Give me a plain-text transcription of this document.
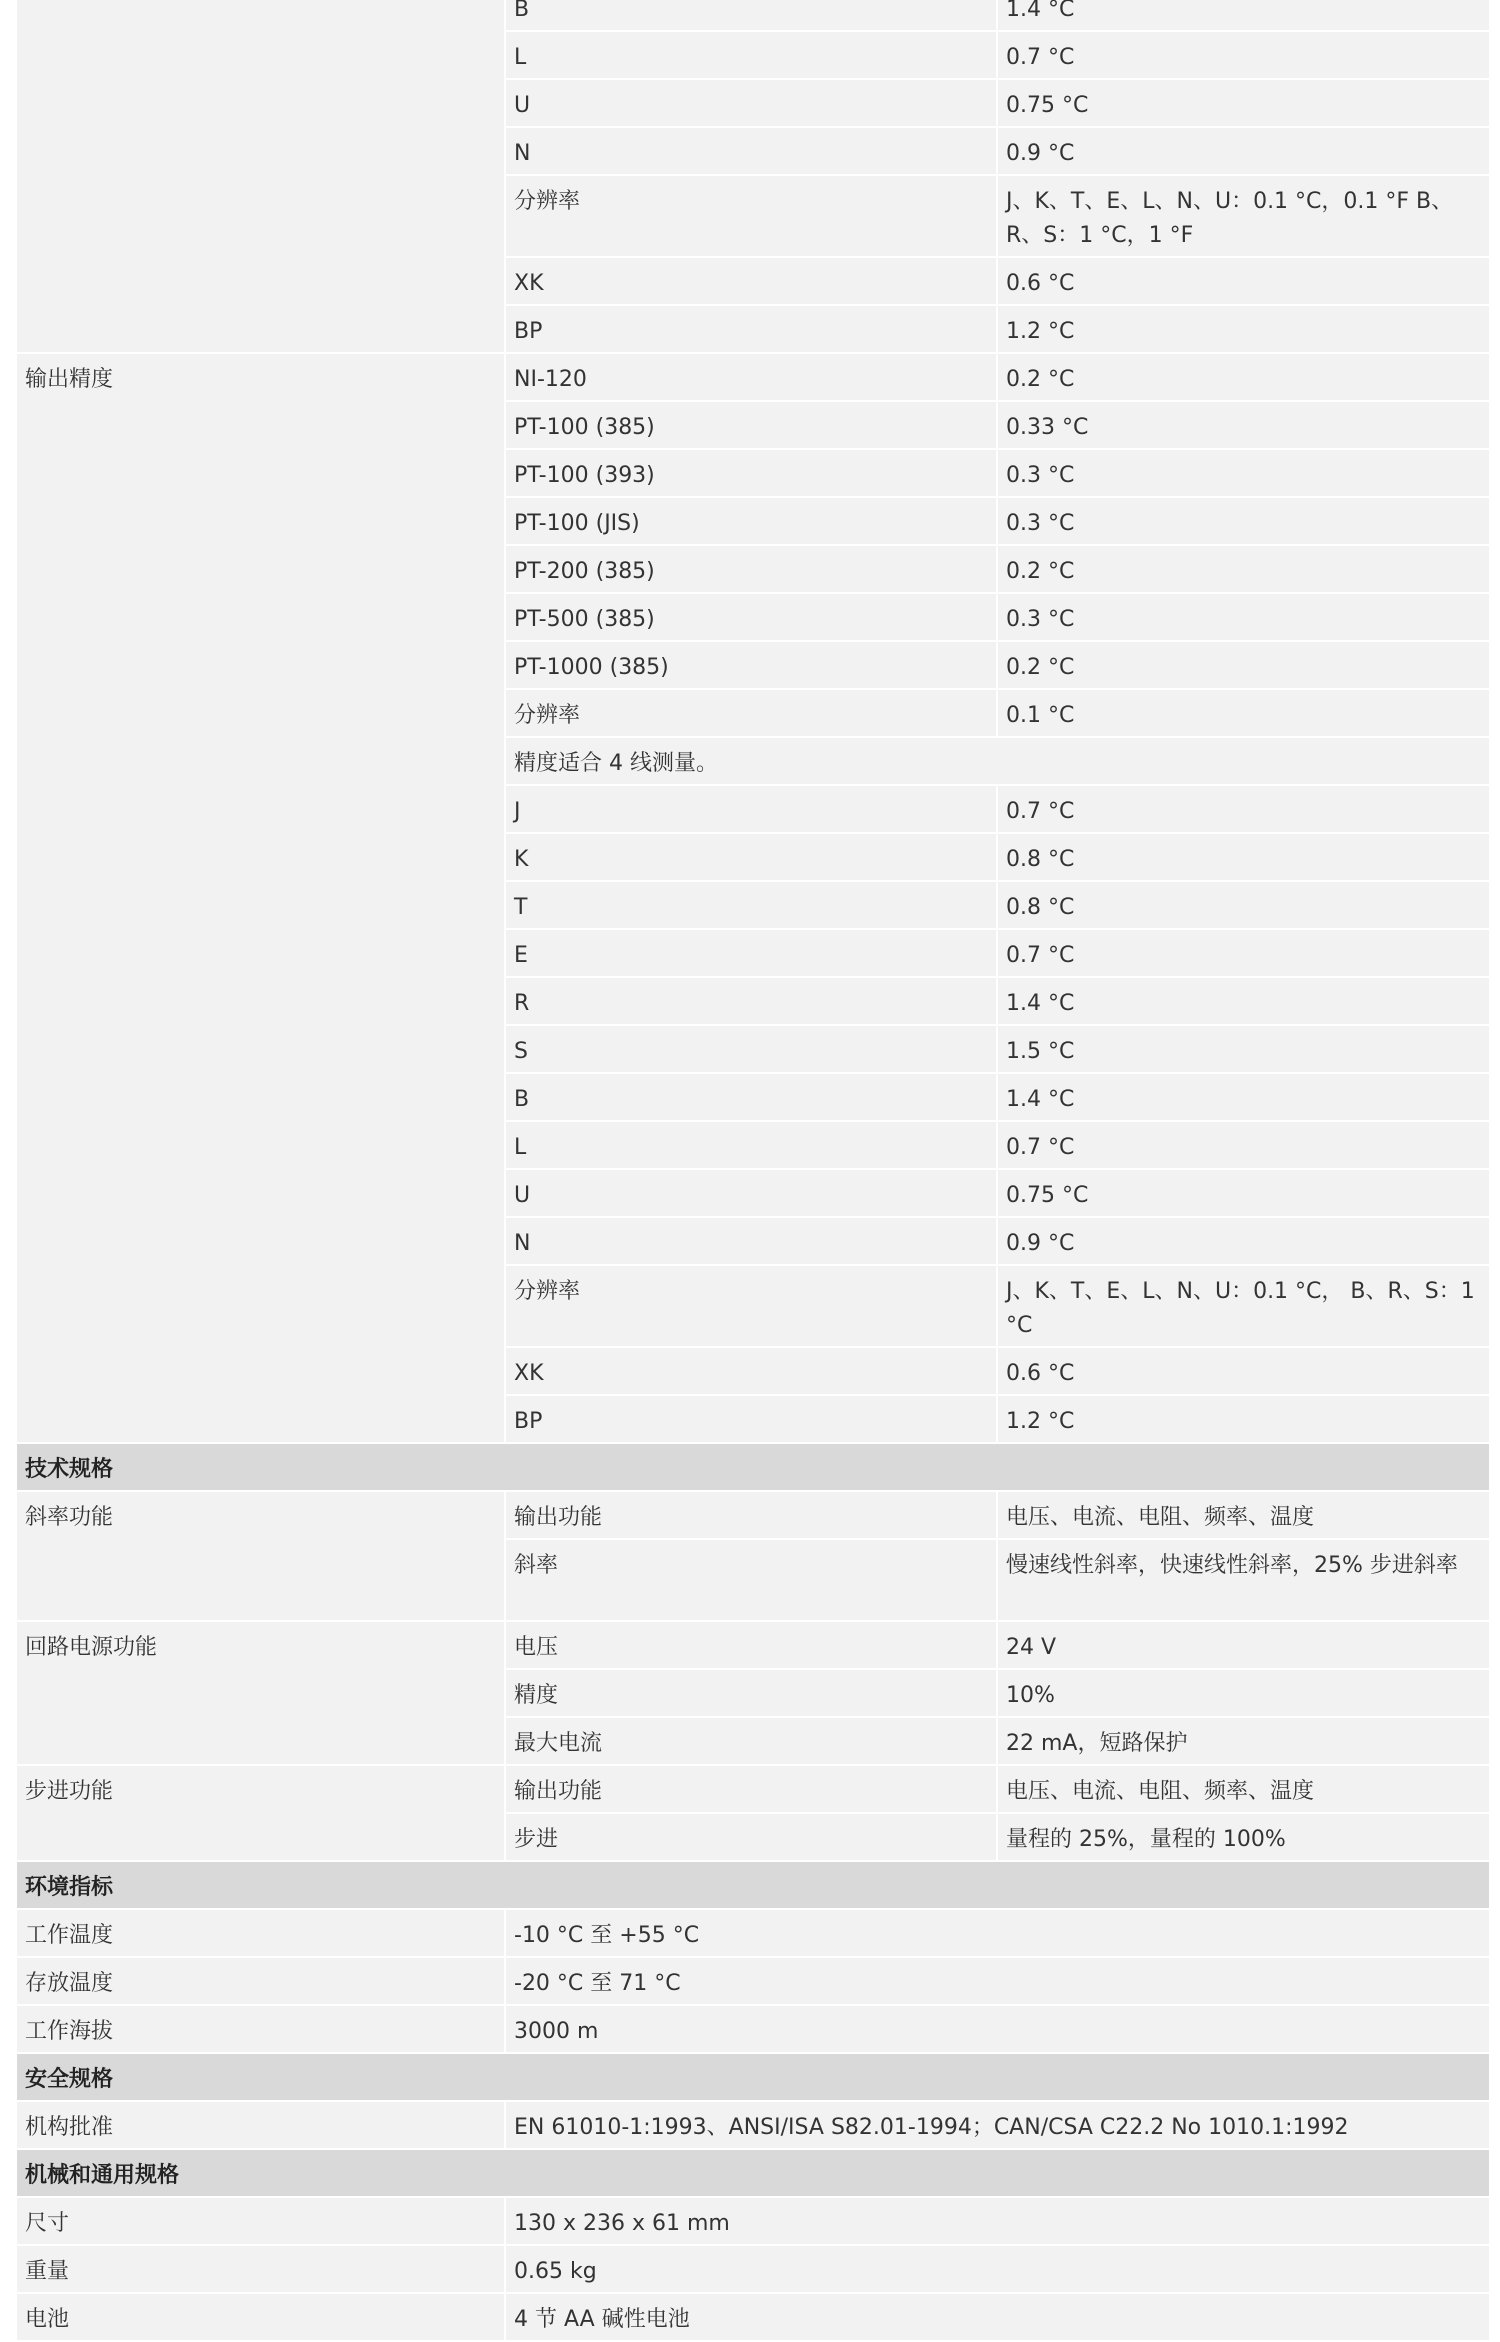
	B	1.4 °C
	L	0.7 °C
	U	0.75 °C
	N	0.9 °C
	分辨率	J、K、T、E、L、N、U：0.1 °C，0.1 °F B、R、S：1 °C，1 °F
	XK	0.6 °C
	BP	1.2 °C
输出精度	NI-120	0.2 °C
	PT-100 (385)	0.33 °C
	PT-100 (393)	0.3 °C
	PT-100 (JIS)	0.3 °C
	PT-200 (385)	0.2 °C
	PT-500 (385)	0.3 °C
	PT-1000 (385)	0.2 °C
	分辨率	0.1 °C
	精度适合 4 线测量。	
	J	0.7 °C
	K	0.8 °C
	T	0.8 °C
	E	0.7 °C
	R	1.4 °C
	S	1.5 °C
	B	1.4 °C
	L	0.7 °C
	U	0.75 °C
	N	0.9 °C
	分辨率	J、K、T、E、L、N、U：0.1 °C， B、R、S：1 °C
	XK	0.6 °C
	BP	1.2 °C
技术规格		
斜率功能	输出功能	电压、电流、电阻、频率、温度
	斜率	慢速线性斜率，快速线性斜率，25% 步进斜率
回路电源功能	电压	24 V
	精度	10%
	最大电流	22 mA，短路保护
步进功能	输出功能	电压、电流、电阻、频率、温度
	步进	量程的 25%，量程的 100%
环境指标		
工作温度	-10 °C 至 +55 °C	
存放温度	-20 °C 至 71 °C	
工作海拔	3000 m	
安全规格		
机构批准	EN 61010-1:1993、ANSI/ISA S82.01-1994；CAN/CSA C22.2 No 1010.1:1992	
机械和通用规格		
尺寸	130 x 236 x 61 mm	
重量	0.65 kg	
电池	4 节 AA 碱性电池	
